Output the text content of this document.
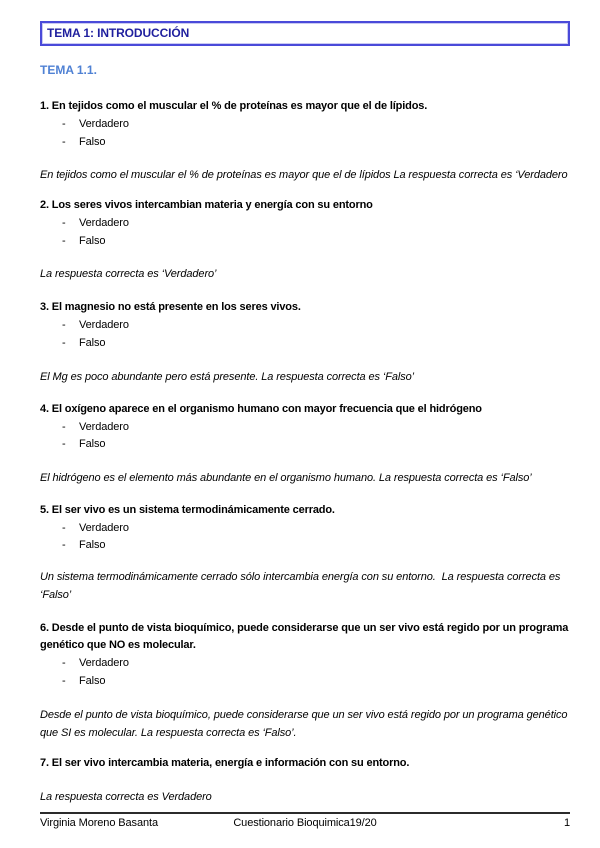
TEMA 1: INTRODUCCIÓN
TEMA 1.1.
1. En tejidos como el muscular el % de proteínas es mayor que el de lípidos.
-	Verdadero
-	Falso
En tejidos como el muscular el % de proteínas es mayor que el de lípidos La respuesta correcta es ‘Verdadero
2. Los seres vivos intercambian materia y energía con su entorno
-	Verdadero
-	Falso
La respuesta correcta es ‘Verdadero’
3. El magnesio no está presente en los seres vivos.
-	Verdadero
-	Falso
El Mg es poco abundante pero está presente. La respuesta correcta es ‘Falso’
4. El oxígeno aparece en el organismo humano con mayor frecuencia que el hidrógeno
-	Verdadero
-	Falso
El hidrógeno es el elemento más abundante en el organismo humano. La respuesta correcta es ‘Falso’
5. El ser vivo es un sistema termodinámicamente cerrado.
-	Verdadero
-	Falso
Un sistema termodinámicamente cerrado sólo intercambia energía con su entorno.  La respuesta correcta es ‘Falso’
6. Desde el punto de vista bioquímico, puede considerarse que un ser vivo está regido por un programa genético que NO es molecular.
-	Verdadero
-	Falso
Desde el punto de vista bioquímico, puede considerarse que un ser vivo está regido por un programa genético que SI es molecular. La respuesta correcta es ‘Falso’.
7. El ser vivo intercambia materia, energía e información con su entorno.
La respuesta correcta es Verdadero
Virginia Moreno Basanta	Cuestionario Bioquimica19/20	1
